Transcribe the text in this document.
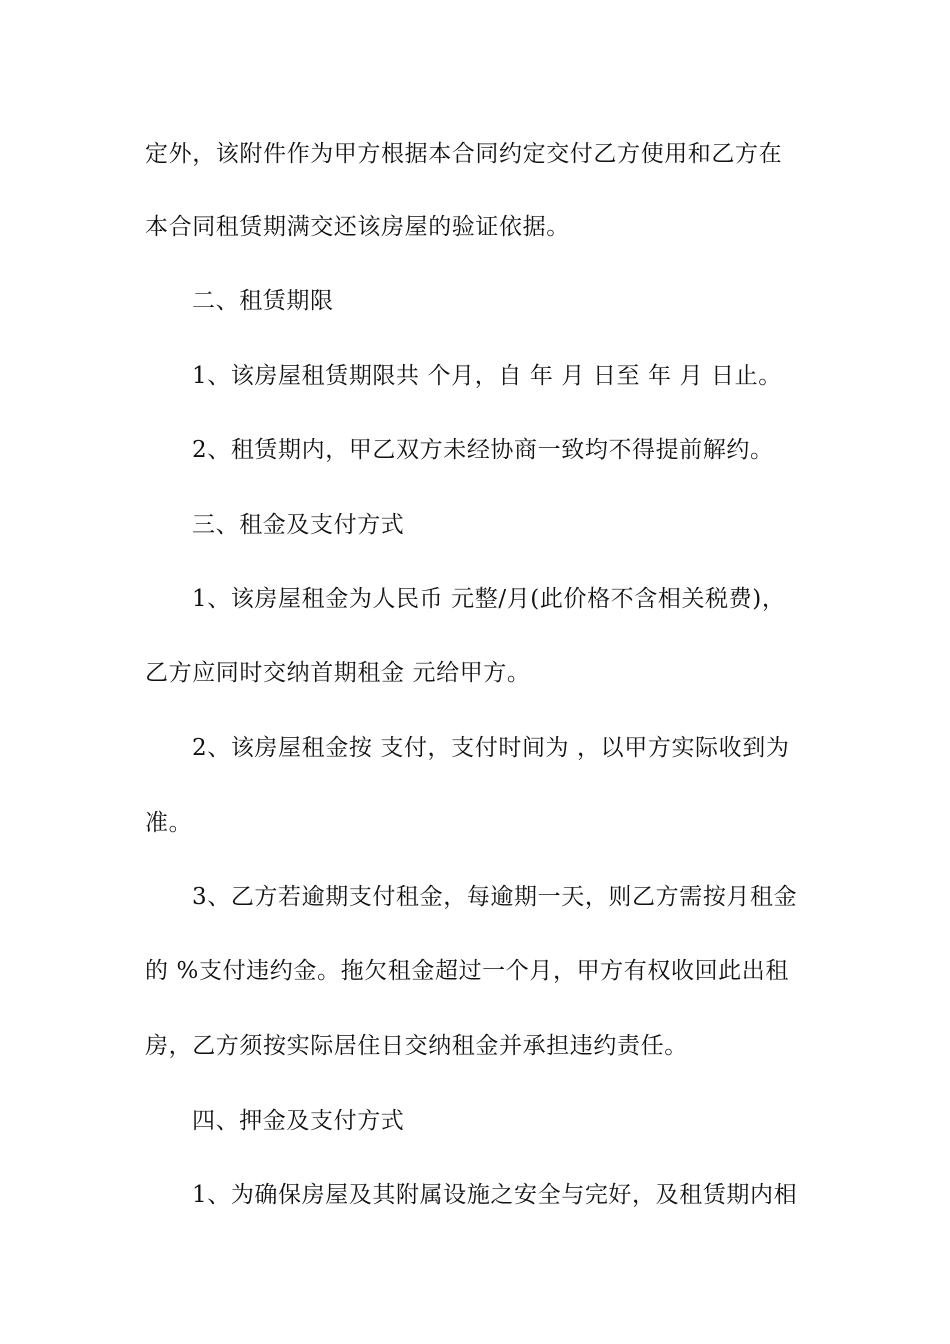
定外，该附件作为甲方根据本合同约定交付乙方使用和乙方在
本合同租赁期满交还该房屋的验证依据。
二、租赁期限
1、该房屋租赁期限共 个月，自 年 月 日至 年 月 日止。
2、租赁期内，甲乙双方未经协商一致均不得提前解约。
三、租金及支付方式
1、该房屋租金为人民币 元整/月(此价格不含相关税费)，
乙方应同时交纳首期租金 元给甲方。
2、该房屋租金按 支付，支付时间为 ，以甲方实际收到为
准。
3、乙方若逾期支付租金，每逾期一天，则乙方需按月租金
的 %支付违约金。拖欠租金超过一个月，甲方有权收回此出租
房，乙方须按实际居住日交纳租金并承担违约责任。
四、押金及支付方式
1、为确保房屋及其附属设施之安全与完好，及租赁期内相
